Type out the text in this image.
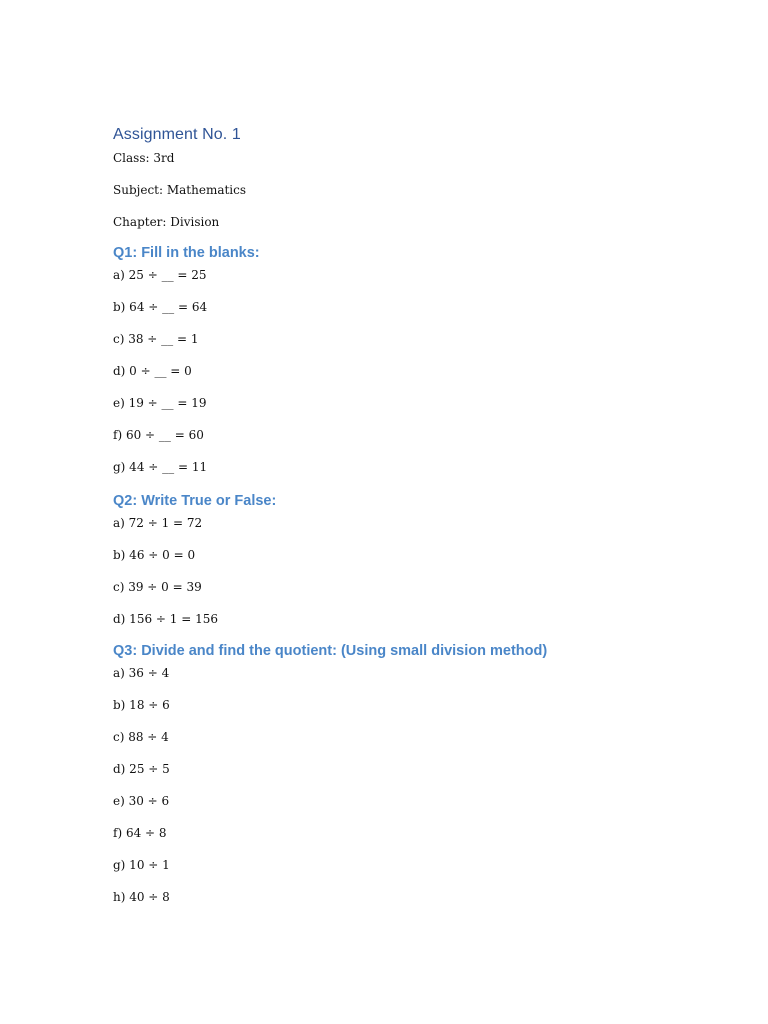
Assignment No. 1

Class: 3rd

Subject: Mathematics

Chapter: Division

Q1: Fill in the blanks:

a) 25 ÷ __ = 25

b) 64 ÷ __ = 64

c) 38 ÷ __ = 1

d) 0 ÷ __ = 0

e) 19 ÷ __ = 19

f) 60 ÷ __ = 60

g) 44 ÷ __ = 11

Q2: Write True or False:

a) 72 ÷ 1 = 72

b) 46 ÷ 0 = 0

c) 39 ÷ 0 = 39

d) 156 ÷ 1 = 156

Q3: Divide and find the quotient: (Using small division method)

a) 36 ÷ 4

b) 18 ÷ 6

c) 88 ÷ 4

d) 25 ÷ 5

e) 30 ÷ 6

f) 64 ÷ 8

g) 10 ÷ 1

h) 40 ÷ 8
